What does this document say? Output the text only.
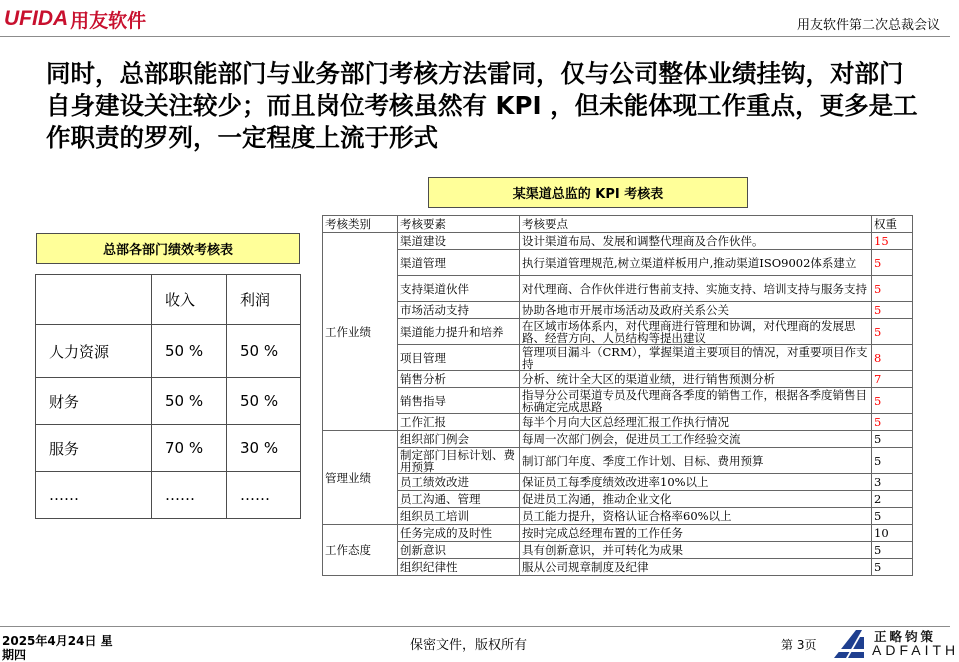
UFIDA 用友软件	用友软件第二次总裁会议
同时，总部职能部门与业务部门考核方法雷同，仅与公司整体业绩挂钩，对部门自身建设关注较少；而且岗位考核虽然有 KPI ，但未能体现工作重点，更多是工作职责的罗列，一定程度上流于形式
总部各部门绩效考核表
	收入	利润
人力资源	50 %	50 %
财务	50 %	50 %
服务	70 %	30 %
……	……	……
某渠道总监的 KPI 考核表
考核类别	考核要素	考核要点	权重
工作业绩	渠道建设	设计渠道布局、发展和调整代理商及合作伙伴。	15
	渠道管理	执行渠道管理规范,树立渠道样板用户,推动渠道ISO9002体系建立	5
	支持渠道伙伴	对代理商、合作伙伴进行售前支持、实施支持、培训支持与服务支持	5
	市场活动支持	协助各地市开展市场活动及政府关系公关	5
	渠道能力提升和培养	在区域市场体系内，对代理商进行管理和协调，对代理商的发展思路、经营方向、人员结构等提出建议	5
	项目管理	管理项目漏斗（CRM），掌握渠道主要项目的情况，对重要项目作支持	8
	销售分析	分析、统计全大区的渠道业绩，进行销售预测分析	7
	销售指导	指导分公司渠道专员及代理商各季度的销售工作，根据各季度销售目标确定完成思路	5
	工作汇报	每半个月向大区总经理汇报工作执行情况	5
管理业绩	组织部门例会	每周一次部门例会，促进员工工作经验交流	5
	制定部门目标计划、费用预算	制订部门年度、季度工作计划、目标、费用预算	5
	员工绩效改进	保证员工每季度绩效改进率10%以上	3
	员工沟通、管理	促进员工沟通，推动企业文化	2
	组织员工培训	员工能力提升，资格认证合格率60%以上	5
工作态度	任务完成的及时性	按时完成总经理布置的工作任务	10
	创新意识	具有创新意识，并可转化为成果	5
	组织纪律性	服从公司规章制度及纪律	5
2025年4月24日 星期四
保密文件，版权所有	第 3页
正略钧策
ADFAITH
